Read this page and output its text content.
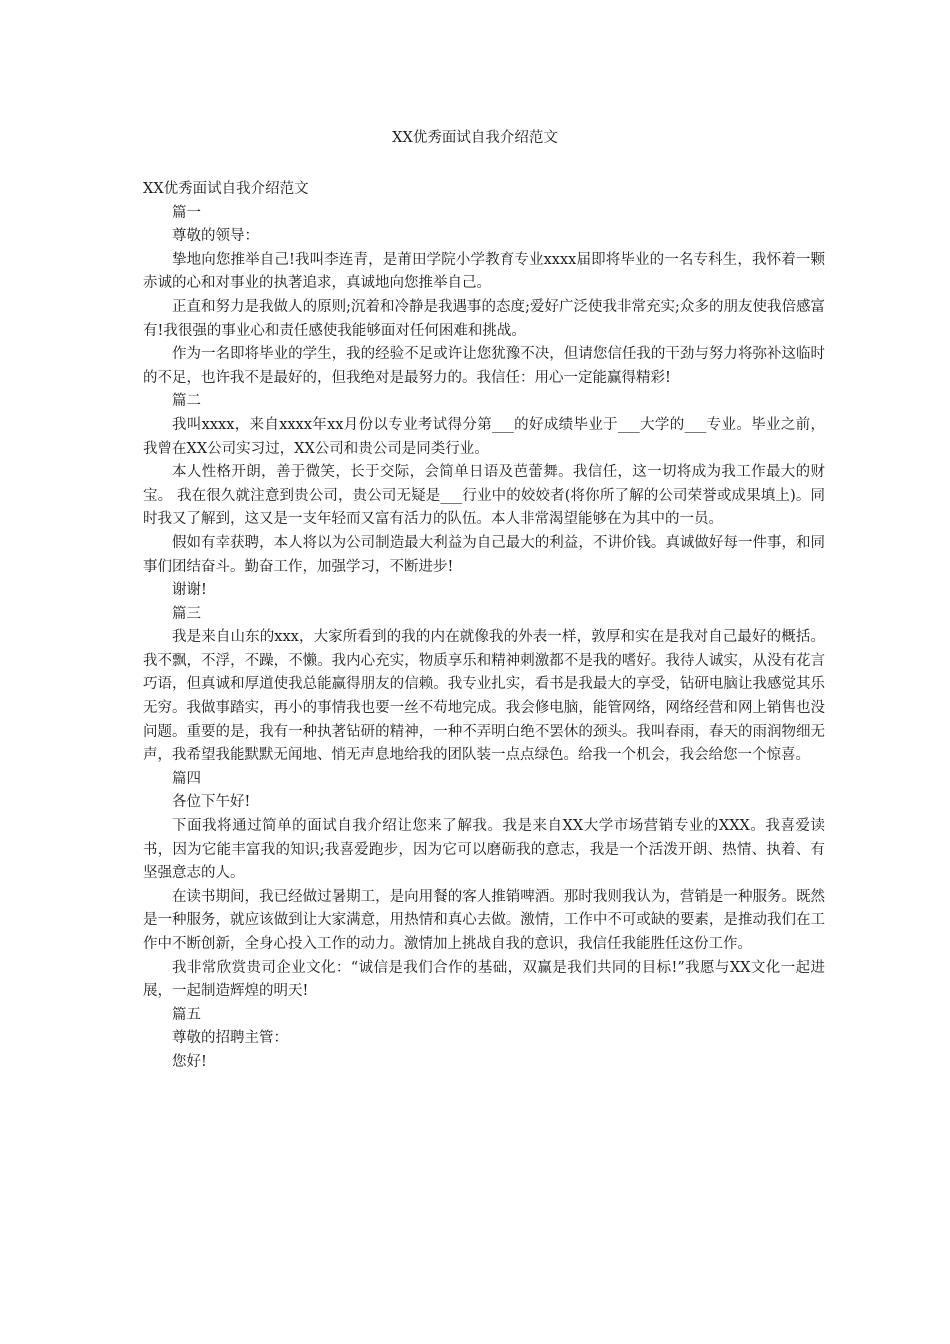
XX优秀面试自我介绍范文

XX优秀面试自我介绍范文

篇一

尊敬的领导：

挚地向您推举自己!我叫李连青，是莆田学院小学教育专业xxxx届即将毕业的一名专科生，我怀着一颗赤诚的心和对事业的执著追求，真诚地向您推举自己。

正直和努力是我做人的原则;沉着和冷静是我遇事的态度;爱好广泛使我非常充实;众多的朋友使我倍感富有!我很强的事业心和责任感使我能够面对任何困难和挑战。

作为一名即将毕业的学生，我的经验不足或许让您犹豫不决，但请您信任我的干劲与努力将弥补这临时的不足，也许我不是最好的，但我绝对是最努力的。我信任：用心一定能赢得精彩!

篇二

我叫xxxx，来自xxxx年xx月份以专业考试得分第___的好成绩毕业于___大学的___专业。毕业之前，我曾在XX公司实习过，XX公司和贵公司是同类行业。

本人性格开朗，善于微笑，长于交际，会简单日语及芭蕾舞。我信任，这一切将成为我工作最大的财宝。 我在很久就注意到贵公司，贵公司无疑是___行业中的姣姣者(将你所了解的公司荣誉或成果填上)。同时我又了解到，这又是一支年轻而又富有活力的队伍。本人非常渴望能够在为其中的一员。

假如有幸获聘，本人将以为公司制造最大利益为自己最大的利益，不讲价钱。真诚做好每一件事，和同事们团结奋斗。勤奋工作，加强学习，不断进步!

谢谢!

篇三

我是来自山东的xxx，大家所看到的我的内在就像我的外表一样，敦厚和实在是我对自己最好的概括。我不飘，不浮，不躁，不懒。我内心充实，物质享乐和精神刺激都不是我的嗜好。我待人诚实，从没有花言巧语，但真诚和厚道使我总能赢得朋友的信赖。我专业扎实，看书是我最大的享受，钻研电脑让我感觉其乐无穷。我做事踏实，再小的事情我也要一丝不苟地完成。我会修电脑，能管网络，网络经营和网上销售也没问题。重要的是，我有一种执著钻研的精神，一种不弄明白绝不罢休的颈头。我叫春雨，春天的雨润物细无声，我希望我能默默无闻地、悄无声息地给我的团队装一点点绿色。给我一个机会，我会给您一个惊喜。

篇四

各位下午好!

下面我将通过简单的面试自我介绍让您来了解我。我是来自XX大学市场营销专业的XXX。我喜爱读书，因为它能丰富我的知识;我喜爱跑步，因为它可以磨砺我的意志，我是一个活泼开朗、热情、执着、有坚强意志的人。

在读书期间，我已经做过暑期工，是向用餐的客人推销啤酒。那时我则我认为，营销是一种服务。既然是一种服务，就应该做到让大家满意，用热情和真心去做。激情，工作中不可或缺的要素，是推动我们在工作中不断创新，全身心投入工作的动力。激情加上挑战自我的意识，我信任我能胜任这份工作。

我非常欣赏贵司企业文化：“诚信是我们合作的基础，双赢是我们共同的目标!”我愿与XX文化一起进展，一起制造辉煌的明天!

篇五

尊敬的招聘主管：

您好!
